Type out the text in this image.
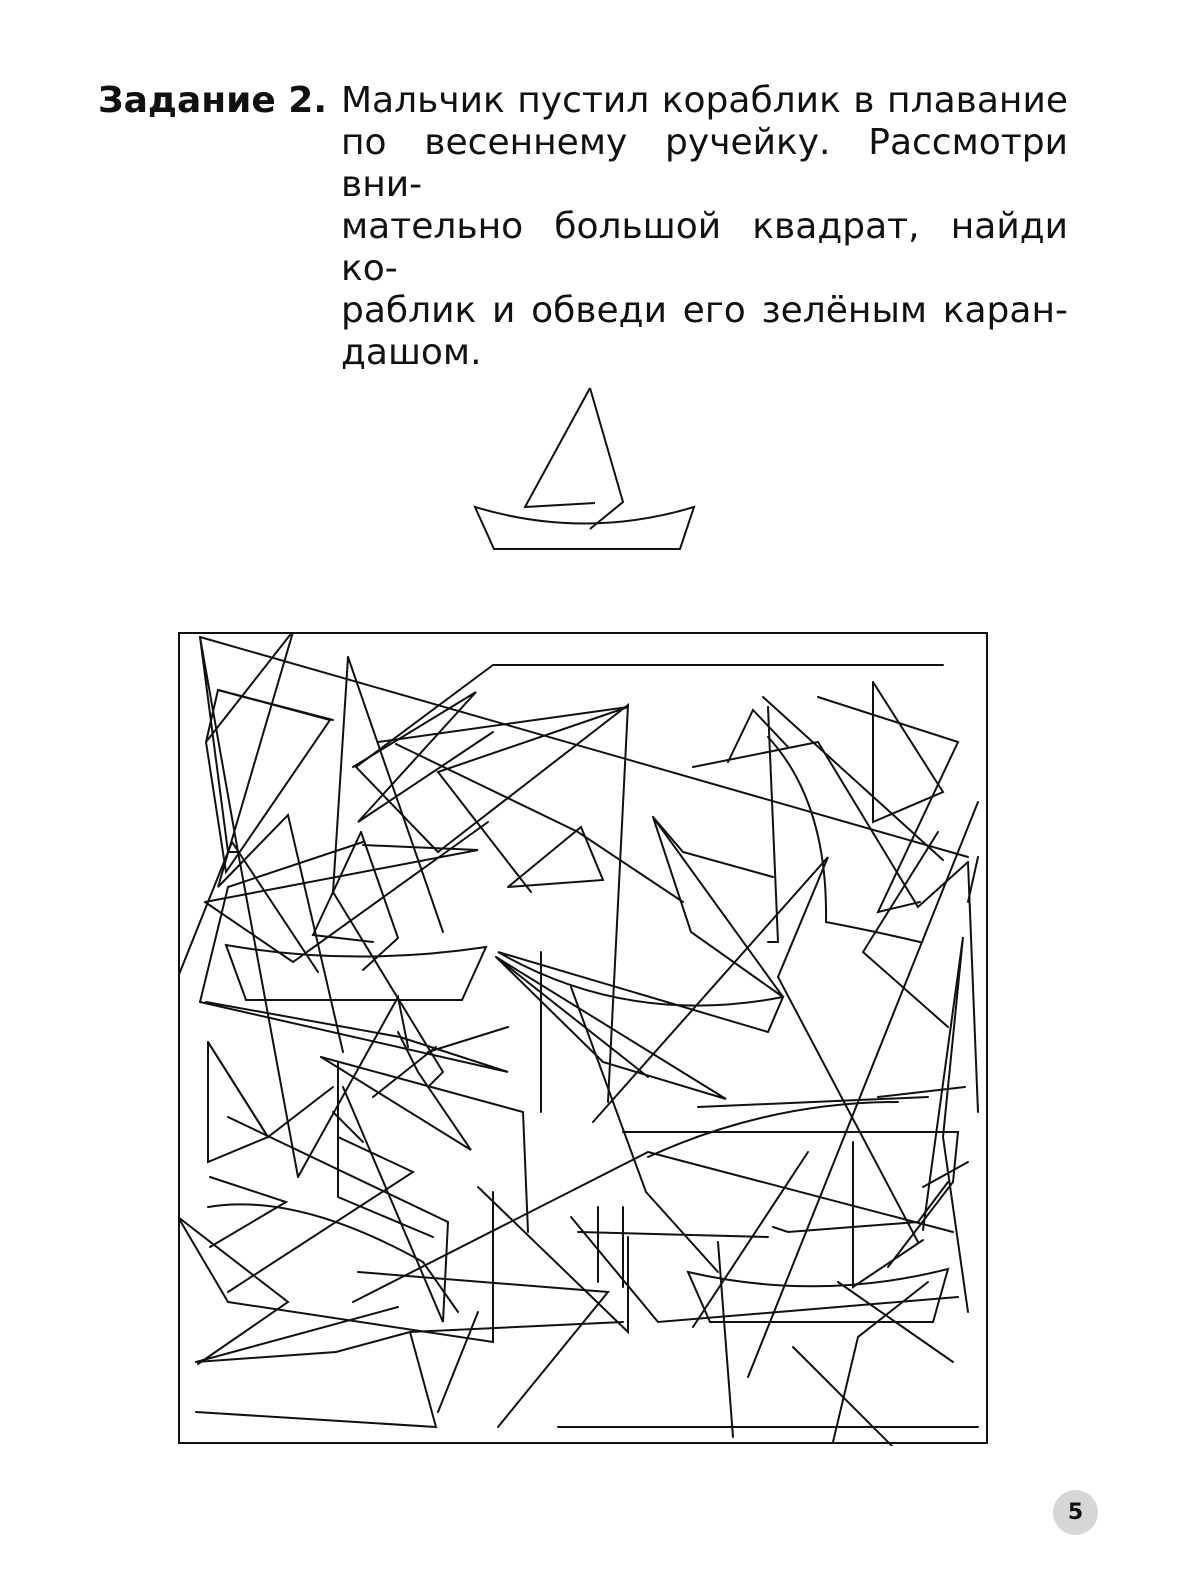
Задание 2. Мальчик пустил кораблик в плавание
по весеннему ручейку. Рассмотри вни-
мательно большой квадрат, найди ко-
раблик и обведи его зелёным каран-
дашом.
5
